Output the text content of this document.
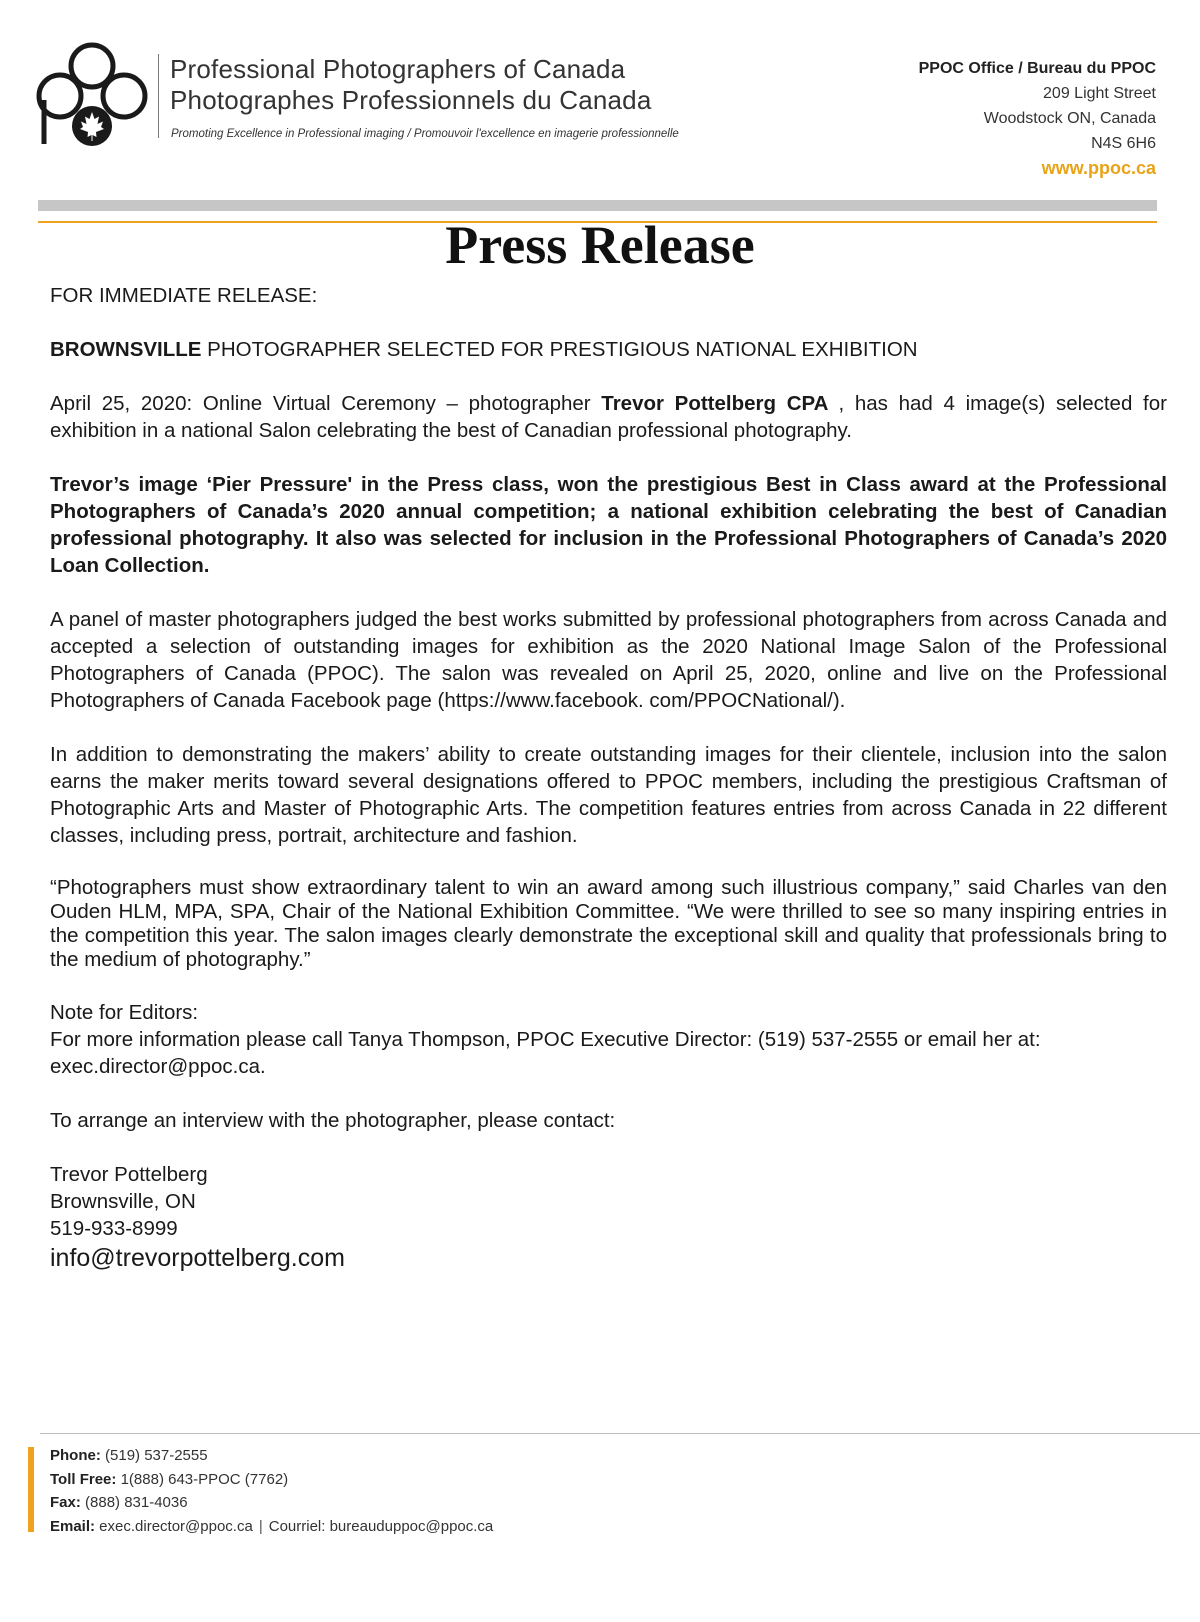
Professional Photographers of Canada
Photographes Professionnels du Canada
Promoting Excellence in Professional imaging / Promouvoir l'excellence en imagerie professionnelle
PPOC Office / Bureau du PPOC
209 Light Street
Woodstock ON, Canada
N4S 6H6
www.ppoc.ca
Press Release

FOR IMMEDIATE RELEASE:

BROWNSVILLE PHOTOGRAPHER SELECTED FOR PRESTIGIOUS NATIONAL EXHIBITION

April 25, 2020: Online Virtual Ceremony – photographer Trevor Pottelberg CPA , has had 4 image(s) selected for exhibition in a national Salon celebrating the best of Canadian professional photography.

Trevor’s image ‘Pier Pressure' in the Press class, won the prestigious Best in Class award at the Professional Photographers of Canada’s 2020 annual competition; a national exhibition celebrating the best of Canadian professional photography. It also was selected for inclusion in the Professional Photographers of Canada’s 2020 Loan Collection.

A panel of master photographers judged the best works submitted by professional photographers from across Canada and accepted a selection of outstanding images for exhibition as the 2020 National Image Salon of the Professional Photographers of Canada (PPOC). The salon was revealed on April 25, 2020, online and live on the Professional Photographers of Canada Facebook page (https://www.facebook. com/PPOCNational/).

In addition to demonstrating the makers’ ability to create outstanding images for their clientele, inclusion into the salon earns the maker merits toward several designations offered to PPOC members, including the prestigious Craftsman of Photographic Arts and Master of Photographic Arts. The competition features entries from across Canada in 22 different classes, including press, portrait, architecture and fashion.

“Photographers must show extraordinary talent to win an award among such illustrious company,” said Charles van den Ouden HLM, MPA, SPA, Chair of the National Exhibition Committee. “We were thrilled to see so many inspiring entries in the competition this year. The salon images clearly demonstrate the exceptional skill and quality that professionals bring to the medium of photography.”

Note for Editors:

For more information please call Tanya Thompson, PPOC Executive Director: (519) 537-2555 or email her at: exec.director@ppoc.ca.

To arrange an interview with the photographer, please contact:

Trevor Pottelberg

Brownsville, ON

519-933-8999

info@trevorpottelberg.com

Phone: (519) 537-2555
Toll Free: 1(888) 643-PPOC (7762)
Fax: (888) 831-4036
Email: exec.director@ppoc.ca | Courriel: bureauduppoc@ppoc.ca
